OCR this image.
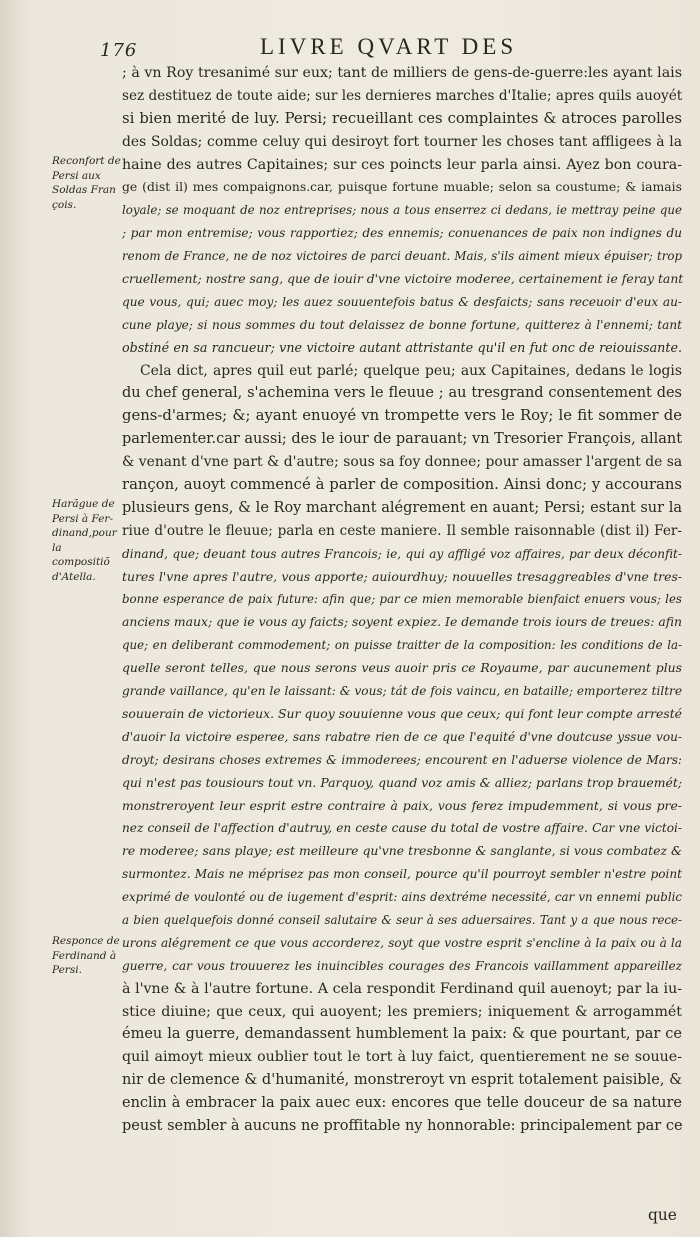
176	LIVRE QVART DES
Reconfort de
Persi aux
Soldas Fran
çois.
Harãgue de
Persi à Fer-
dinand,pour
la compositiõ
d'Atella.
Responce de
Ferdinand à
Persi.
; à vn Roy tresanimé sur eux; tant de milliers de gens-de-guerre:les ayant lais
sez destituez de toute aide; sur les dernieres marches d'Italie; apres quils auoyét
si bien merité de luy. Persi; recueillant ces complaintes & atroces parolles
des Soldas; comme celuy qui desiroyt fort tourner les choses tant affligees à la
haine des autres Capitaines; sur ces poincts leur parla ainsi. Ayez bon coura-
ge (dist il) mes compaignons.car, puisque fortune muable; selon sa coustume; & iamais
loyale; se moquant de noz entreprises; nous a tous enserrez ci dedans, ie mettray peine que
; par mon entremise; vous rapportiez; des ennemis; conuenances de paix non indignes du
renom de France, ne de noz victoires de parci deuant. Mais, s'ils aiment mieux épuiser; trop
cruellement; nostre sang, que de iouir d'vne victoire moderee, certainement ie feray tant
que vous, qui; auec moy; les auez souuentefois batus & desfaicts; sans receuoir d'eux au-
cune playe; si nous sommes du tout delaissez de bonne fortune, quitterez à l'ennemi; tant
obstiné en sa rancueur; vne victoire autant attristante qu'il en fut onc de reiouissante.
Cela dict, apres quil eut parlé; quelque peu; aux Capitaines, dedans le logis
du chef general, s'achemina vers le fleuue ; au tresgrand consentement des
gens-d'armes; &; ayant enuoyé vn trompette vers le Roy; le fit sommer de
parlementer.car aussi; des le iour de parauant; vn Tresorier François, allant
& venant d'vne part & d'autre; sous sa foy donnee; pour amasser l'argent de sa
rançon, auoyt commencé à parler de composition. Ainsi donc; y accourans
plusieurs gens, & le Roy marchant alégrement en auant; Persi; estant sur la
riue d'outre le fleuue; parla en ceste maniere. Il semble raisonnable (dist il) Fer-
dinand, que; deuant tous autres Francois; ie, qui ay affligé voz affaires, par deux déconfit-
tures l'vne apres l'autre, vous apporte; auiourdhuy; nouuelles tresaggreables d'vne tres-
bonne esperance de paix future: afin que; par ce mien memorable bienfaict enuers vous; les
anciens maux; que ie vous ay faicts; soyent expiez. Ie demande trois iours de treues: afin
que; en deliberant commodement; on puisse traitter de la composition: les conditions de la-
quelle seront telles, que nous serons veus auoir pris ce Royaume, par aucunement plus
grande vaillance, qu'en le laissant: & vous; tát de fois vaincu, en bataille; emporterez tiltre
souuerain de victorieux. Sur quoy souuienne vous que ceux; qui font leur compte arresté
d'auoir la victoire esperee, sans rabatre rien de ce que l'equité d'vne doutcuse yssue vou-
droyt; desirans choses extremes & immoderees; encourent en l'aduerse violence de Mars:
qui n'est pas tousiours tout vn. Parquoy, quand voz amis & alliez; parlans trop brauemét;
monstreroyent leur esprit estre contraire à paix, vous ferez impudemment, si vous pre-
nez conseil de l'affection d'autruy, en ceste cause du total de vostre affaire. Car vne victoi-
re moderee; sans playe; est meilleure qu'vne tresbonne & sanglante, si vous combatez &
surmontez. Mais ne méprisez pas mon conseil, pource qu'il pourroyt sembler n'estre point
exprimé de voulonté ou de iugement d'esprit: ains dextréme necessité, car vn ennemi public
a bien quelquefois donné conseil salutaire & seur à ses aduersaires. Tant y a que nous rece-
urons alégrement ce que vous accorderez, soyt que vostre esprit s'encline à la paix ou à la
guerre, car vous trouuerez les inuincibles courages des Francois vaillamment appareillez
à l'vne & à l'autre fortune. A cela respondit Ferdinand quil auenoyt; par la iu-
stice diuine; que ceux, qui auoyent; les premiers; iniquement & arrogammét
émeu la guerre, demandassent humblement la paix: & que pourtant, par ce
quil aimoyt mieux oublier tout le tort à luy faict, quentierement ne se souue-
nir de clemence & d'humanité, monstreroyt vn esprit totalement paisible, &
enclin à embracer la paix auec eux: encores que telle douceur de sa nature
peust sembler à aucuns ne proffitable ny honnorable: principalement par ce
que
